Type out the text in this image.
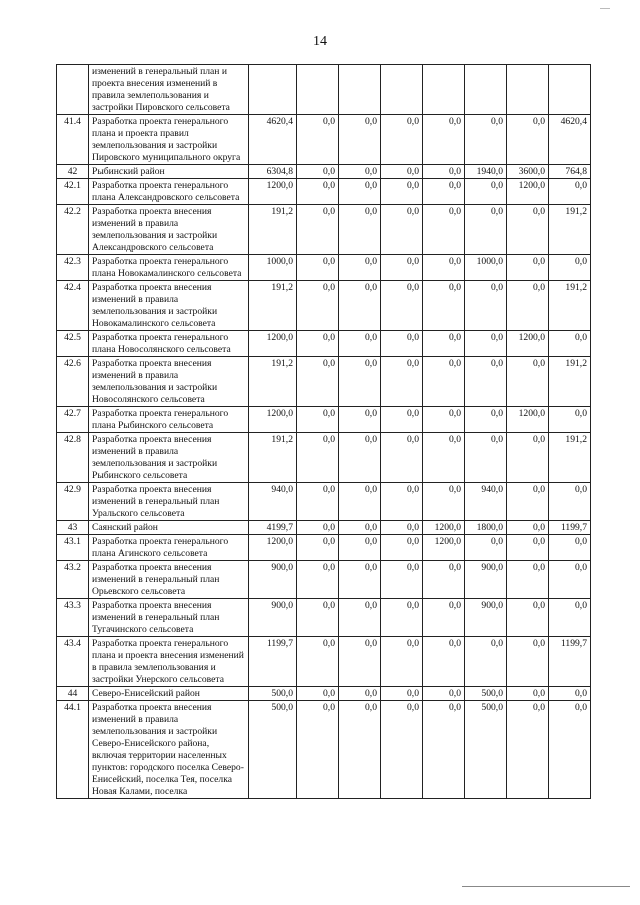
14
	изменений в генеральный план и проекта внесения изменений в правила землепользования и застройки Пировского сельсовета								
41.4	Разработка проекта генерального плана и проекта правил землепользования и застройки Пировского муниципального округа	4620,4	0,0	0,0	0,0	0,0	0,0	0,0	4620,4
42	Рыбинский район	6304,8	0,0	0,0	0,0	0,0	1940,0	3600,0	764,8
42.1	Разработка проекта генерального плана Александровского сельсовета	1200,0	0,0	0,0	0,0	0,0	0,0	1200,0	0,0
42.2	Разработка проекта внесения изменений в правила землепользования и застройки Александровского сельсовета	191,2	0,0	0,0	0,0	0,0	0,0	0,0	191,2
42.3	Разработка проекта генерального плана Новокамалинского сельсовета	1000,0	0,0	0,0	0,0	0,0	1000,0	0,0	0,0
42.4	Разработка проекта внесения изменений в правила землепользования и застройки Новокамалинского сельсовета	191,2	0,0	0,0	0,0	0,0	0,0	0,0	191,2
42.5	Разработка проекта генерального плана Новосолянского сельсовета	1200,0	0,0	0,0	0,0	0,0	0,0	1200,0	0,0
42.6	Разработка проекта внесения изменений в правила землепользования и застройки Новосолянского сельсовета	191,2	0,0	0,0	0,0	0,0	0,0	0,0	191,2
42.7	Разработка проекта генерального плана Рыбинского сельсовета	1200,0	0,0	0,0	0,0	0,0	0,0	1200,0	0,0
42.8	Разработка проекта внесения изменений в правила землепользования и застройки Рыбинского сельсовета	191,2	0,0	0,0	0,0	0,0	0,0	0,0	191,2
42.9	Разработка проекта внесения изменений в генеральный план Уральского сельсовета	940,0	0,0	0,0	0,0	0,0	940,0	0,0	0,0
43	Саянский район	4199,7	0,0	0,0	0,0	1200,0	1800,0	0,0	1199,7
43.1	Разработка проекта генерального плана Агинского сельсовета	1200,0	0,0	0,0	0,0	1200,0	0,0	0,0	0,0
43.2	Разработка проекта внесения изменений в генеральный план Орьевского сельсовета	900,0	0,0	0,0	0,0	0,0	900,0	0,0	0,0
43.3	Разработка проекта внесения изменений в генеральный план Тугачинского сельсовета	900,0	0,0	0,0	0,0	0,0	900,0	0,0	0,0
43.4	Разработка проекта генерального плана и проекта внесения изменений в правила землепользования и застройки Унерского сельсовета	1199,7	0,0	0,0	0,0	0,0	0,0	0,0	1199,7
44	Северо-Енисейский район	500,0	0,0	0,0	0,0	0,0	500,0	0,0	0,0
44.1	Разработка проекта внесения изменений в правила землепользования и застройки Северо-Енисейского района, включая территории населенных пунктов: городского поселка Северо-Енисейский, поселка Тея, поселка Новая Калами, поселка	500,0	0,0	0,0	0,0	0,0	500,0	0,0	0,0
